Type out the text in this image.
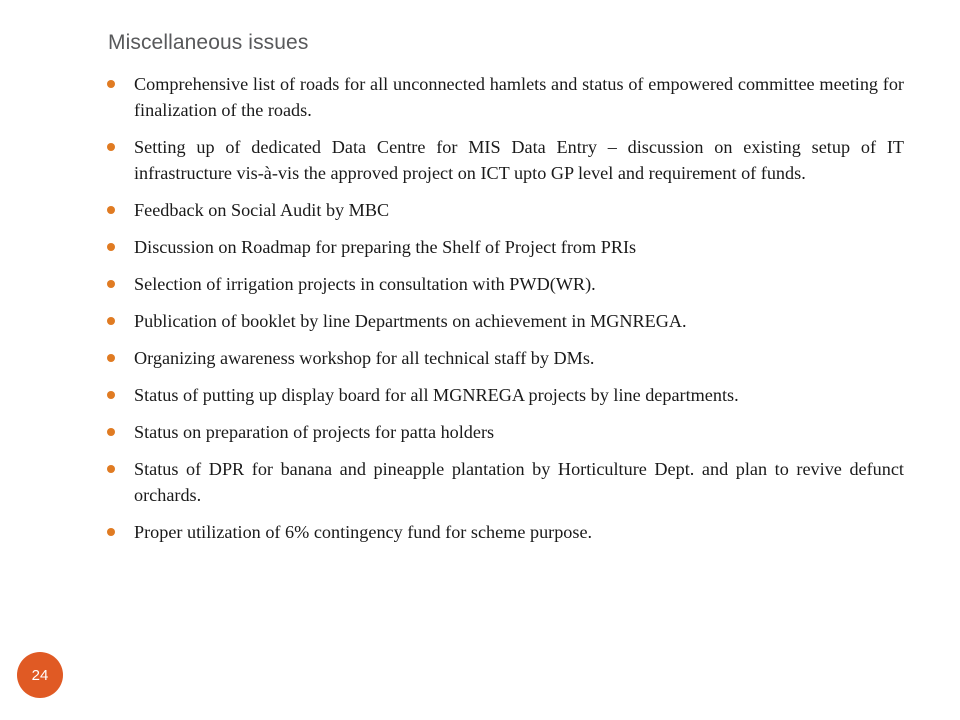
Miscellaneous issues
Comprehensive list of roads for all unconnected hamlets and status of empowered committee meeting for finalization of the roads.
Setting up of dedicated Data Centre for MIS Data Entry – discussion on existing setup of IT infrastructure vis-à-vis the approved project on ICT upto GP level and requirement of funds.
Feedback on Social Audit by MBC
Discussion on Roadmap for preparing the Shelf of Project from PRIs
Selection of irrigation projects in consultation with PWD(WR).
Publication of booklet by line Departments on achievement in MGNREGA.
Organizing awareness workshop for all technical staff by DMs.
Status of putting up display board for all MGNREGA projects by line departments.
Status on preparation of projects for patta holders
Status of DPR for banana and pineapple plantation by Horticulture Dept. and plan to revive defunct orchards.
Proper utilization of 6% contingency fund for scheme purpose.
24
